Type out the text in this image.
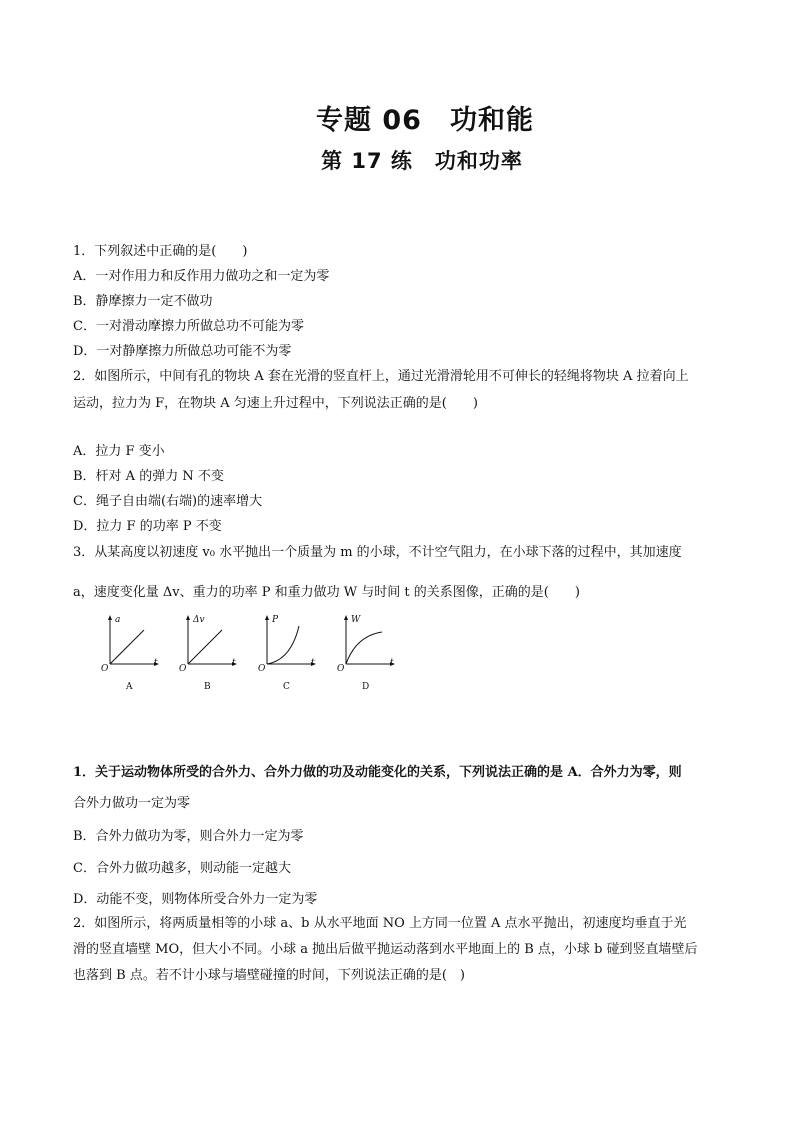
专题 06　功和能
第 17 练　功和功率
1．下列叙述中正确的是(　　)
A．一对作用力和反作用力做功之和一定为零
B．静摩擦力一定不做功
C．一对滑动摩擦力所做总功不可能为零
D．一对静摩擦力所做总功可能不为零
2．如图所示，中间有孔的物块 A 套在光滑的竖直杆上，通过光滑滑轮用不可伸长的轻绳将物块 A 拉着向上
运动，拉力为 F，在物块 A 匀速上升过程中，下列说法正确的是(　　)
A．拉力 F 变小
B．杆对 A 的弹力 N 不变
C．绳子自由端(右端)的速率增大
D．拉力 F 的功率 P 不变
3．从某高度以初速度 v₀ 水平抛出一个质量为 m 的小球，不计空气阻力，在小球下落的过程中，其加速度
a，速度变化量 Δv、重力的功率 P 和重力做功 W 与时间 t 的关系图像，正确的是(　　)
a
t
O
A
Δv
t
O
B
P
t
O
C
W
t
O
D
1．关于运动物体所受的合外力、合外力做的功及动能变化的关系，下列说法正确的是 A．合外力为零，则
合外力做功一定为零
B．合外力做功为零，则合外力一定为零
C．合外力做功越多，则动能一定越大
D．动能不变，则物体所受合外力一定为零
2．如图所示，将两质量相等的小球 a、b 从水平地面 NO 上方同一位置 A 点水平抛出，初速度均垂直于光
滑的竖直墙壁 MO，但大小不同。小球 a 抛出后做平抛运动落到水平地面上的 B 点，小球 b 碰到竖直墙壁后
也落到 B 点。若不计小球与墙壁碰撞的时间，下列说法正确的是(　)
